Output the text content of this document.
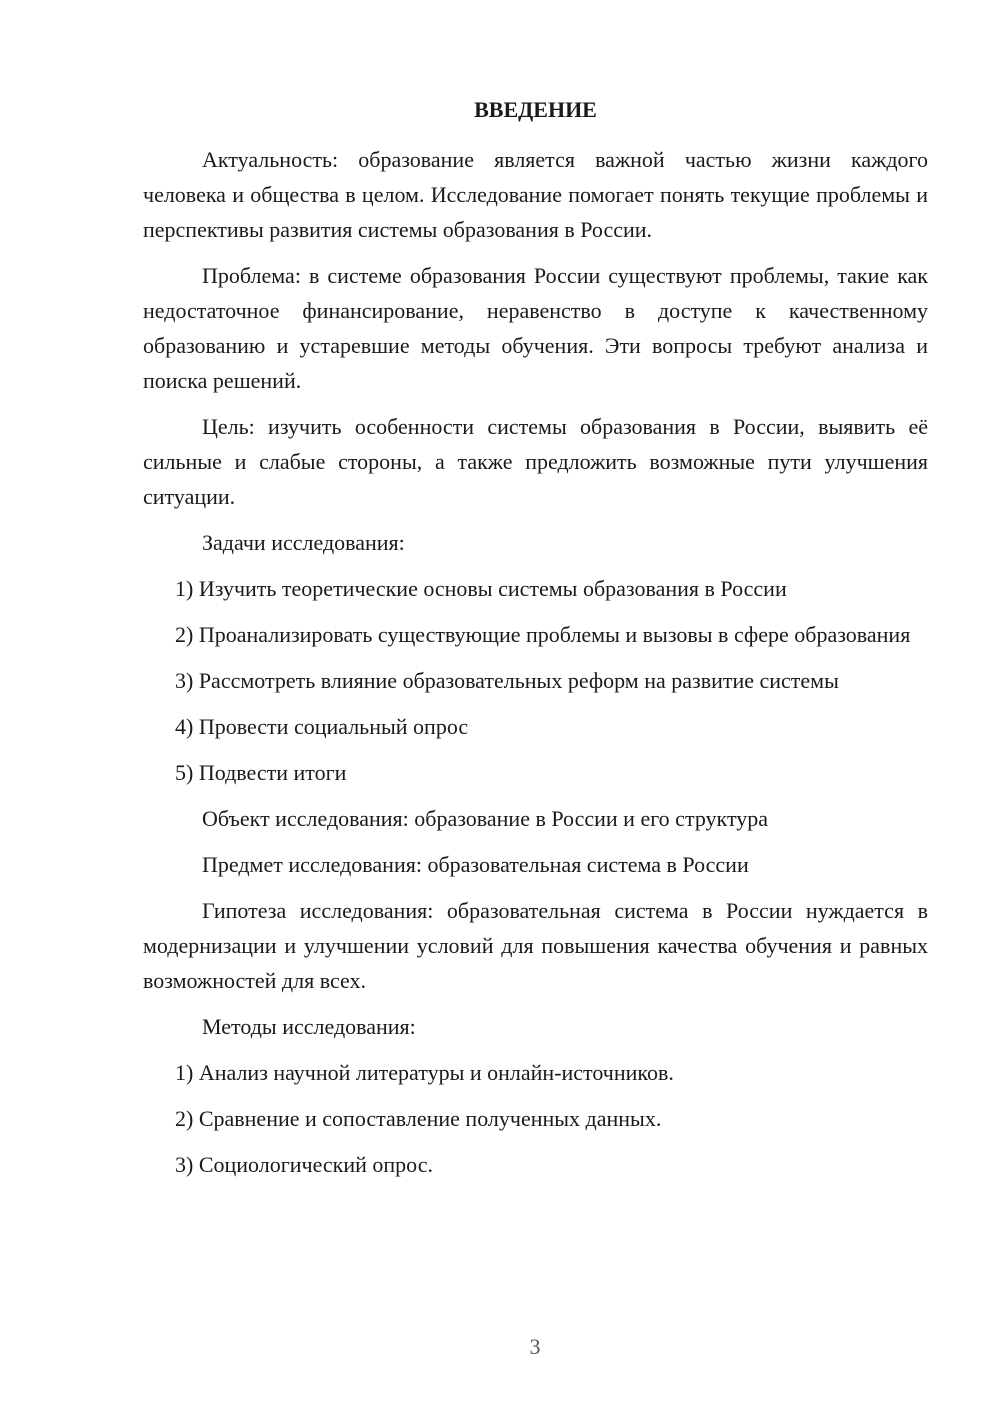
ВВЕДЕНИЕ

Актуальность: образование является важной частью жизни каждого человека и общества в целом. Исследование помогает понять текущие проблемы и перспективы развития системы образования в России.

Проблема: в системе образования России существуют проблемы, такие как недостаточное финансирование, неравенство в доступе к качественному образованию и устаревшие методы обучения. Эти вопросы требуют анализа и поиска решений.

Цель: изучить особенности системы образования в России, выявить её сильные и слабые стороны, а также предложить возможные пути улучшения ситуации.

Задачи исследования:

1) Изучить теоретические основы системы образования в России

2) Проанализировать существующие проблемы и вызовы в сфере образования

3) Рассмотреть влияние образовательных реформ на развитие системы

4) Провести социальный опрос

5) Подвести итоги

Объект исследования: образование в России и его структура

Предмет исследования: образовательная система в России

Гипотеза исследования: образовательная система в России нуждается в модернизации и улучшении условий для повышения качества обучения и равных возможностей для всех.

Методы исследования:

1) Анализ научной литературы и онлайн-источников.

2) Сравнение и сопоставление полученных данных.

3) Социологический опрос.

3
